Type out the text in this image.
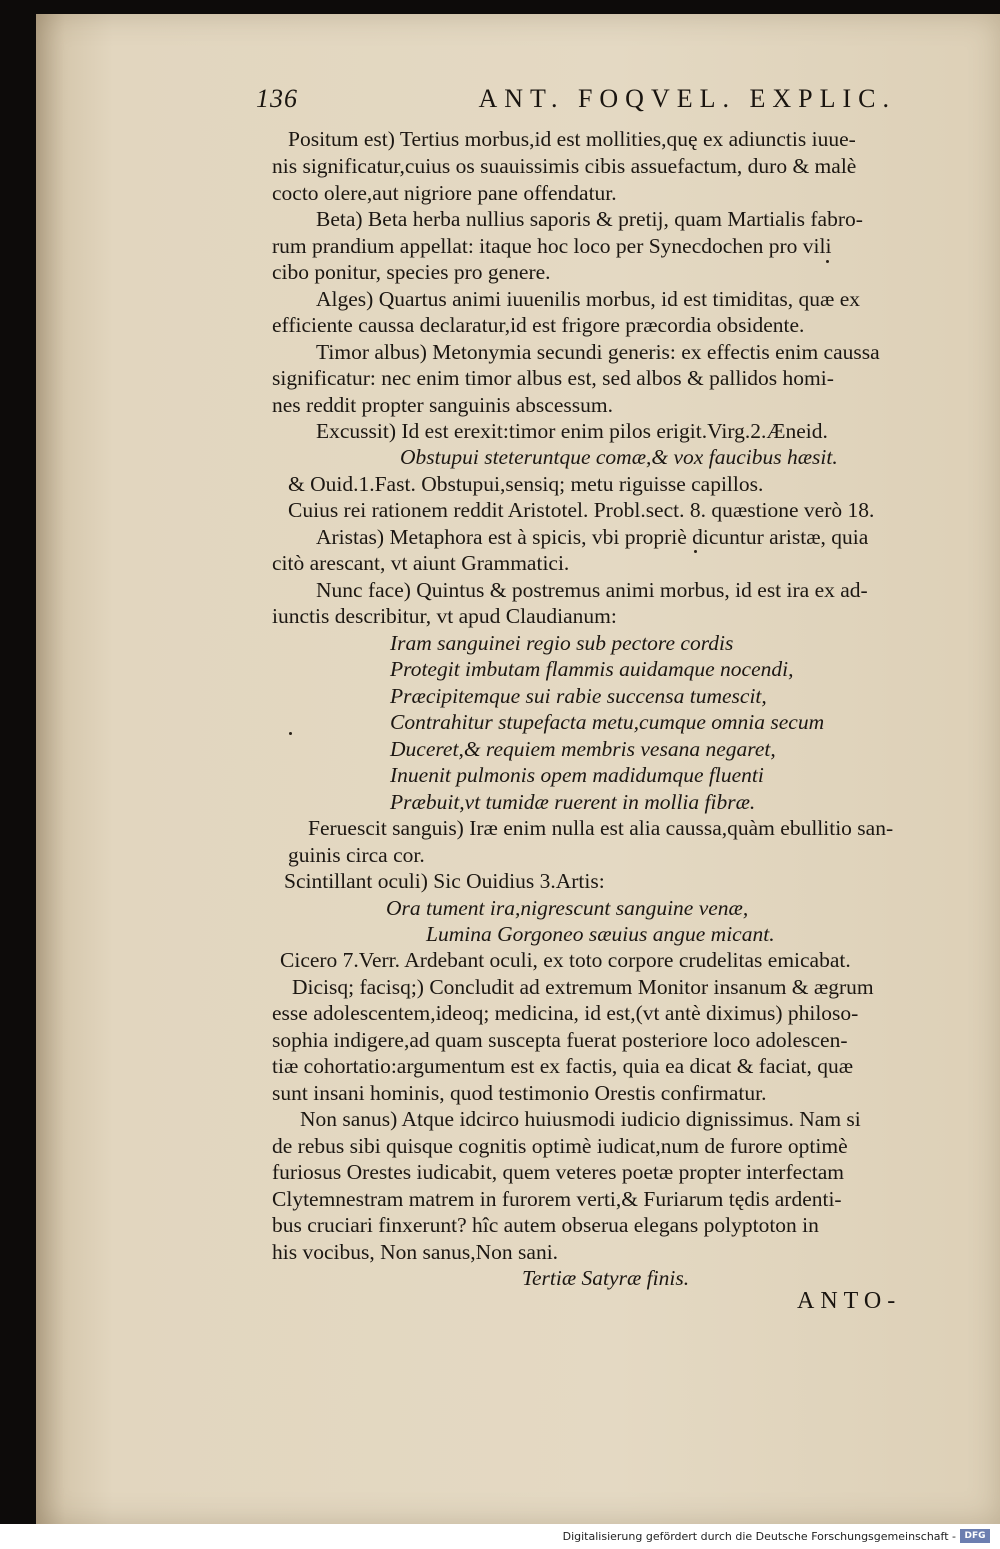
136	ANT. FOQVEL. EXPLIC.
Positum est) Tertius morbus,id est mollities,quę ex adiunctis iuue-
nis significatur,cuius os suauissimis cibis assuefactum, duro & malè
cocto olere,aut nigriore pane offendatur.
Beta) Beta herba nullius saporis & pretij, quam Martialis fabro-
rum prandium appellat: itaque hoc loco per Synecdochen pro vili
cibo ponitur, species pro genere.
Alges) Quartus animi iuuenilis morbus, id est timiditas, quæ ex
efficiente caussa declaratur,id est frigore præcordia obsidente.
Timor albus) Metonymia secundi generis: ex effectis enim caussa
significatur: nec enim timor albus est, sed albos & pallidos homi-
nes reddit propter sanguinis abscessum.
Excussit) Id est erexit:timor enim pilos erigit.Virg.2.Æneid.
Obstupui steteruntque comæ,& vox faucibus hæsit.
& Ouid.1.Fast. Obstupui,sensiq; metu riguisse capillos.
Cuius rei rationem reddit Aristotel. Probl.sect. 8. quæstione verò 18.
Aristas) Metaphora est à spicis, vbi propriè dicuntur aristæ, quia
citò arescant, vt aiunt Grammatici.
Nunc face) Quintus & postremus animi morbus, id est ira ex ad-
iunctis describitur, vt apud Claudianum:
Iram sanguinei regio sub pectore cordis
Protegit imbutam flammis auidamque nocendi,
Præcipitemque sui rabie succensa tumescit,
Contrahitur stupefacta metu,cumque omnia secum
Duceret,& requiem membris vesana negaret,
Inuenit pulmonis opem madidumque fluenti
Præbuit,vt tumidæ ruerent in mollia fibræ.
Feruescit sanguis) Iræ enim nulla est alia caussa,quàm ebullitio san-
guinis circa cor.
Scintillant oculi) Sic Ouidius 3.Artis:
Ora tument ira,nigrescunt sanguine venæ,
Lumina Gorgoneo sæuius angue micant.
Cicero 7.Verr. Ardebant oculi, ex toto corpore crudelitas emicabat.
Dicisq; facisq;) Concludit ad extremum Monitor insanum & ægrum
esse adolescentem,ideoq; medicina, id est,(vt antè diximus) philoso-
sophia indigere,ad quam suscepta fuerat posteriore loco adolescen-
tiæ cohortatio:argumentum est ex factis, quia ea dicat & faciat, quæ
sunt insani hominis, quod testimonio Orestis confirmatur.
Non sanus) Atque idcirco huiusmodi iudicio dignissimus. Nam si
de rebus sibi quisque cognitis optimè iudicat,num de furore optimè
furiosus Orestes iudicabit, quem veteres poetæ propter interfectam
Clytemnestram matrem in furorem verti,& Furiarum tędis ardenti-
bus cruciari finxerunt? hîc autem obserua elegans polyptoton in
his vocibus, Non sanus,Non sani.
Tertiæ Satyræ finis.
ANTO-
Digitalisierung gefördert durch die Deutsche Forschungsgemeinschaft - DFG
